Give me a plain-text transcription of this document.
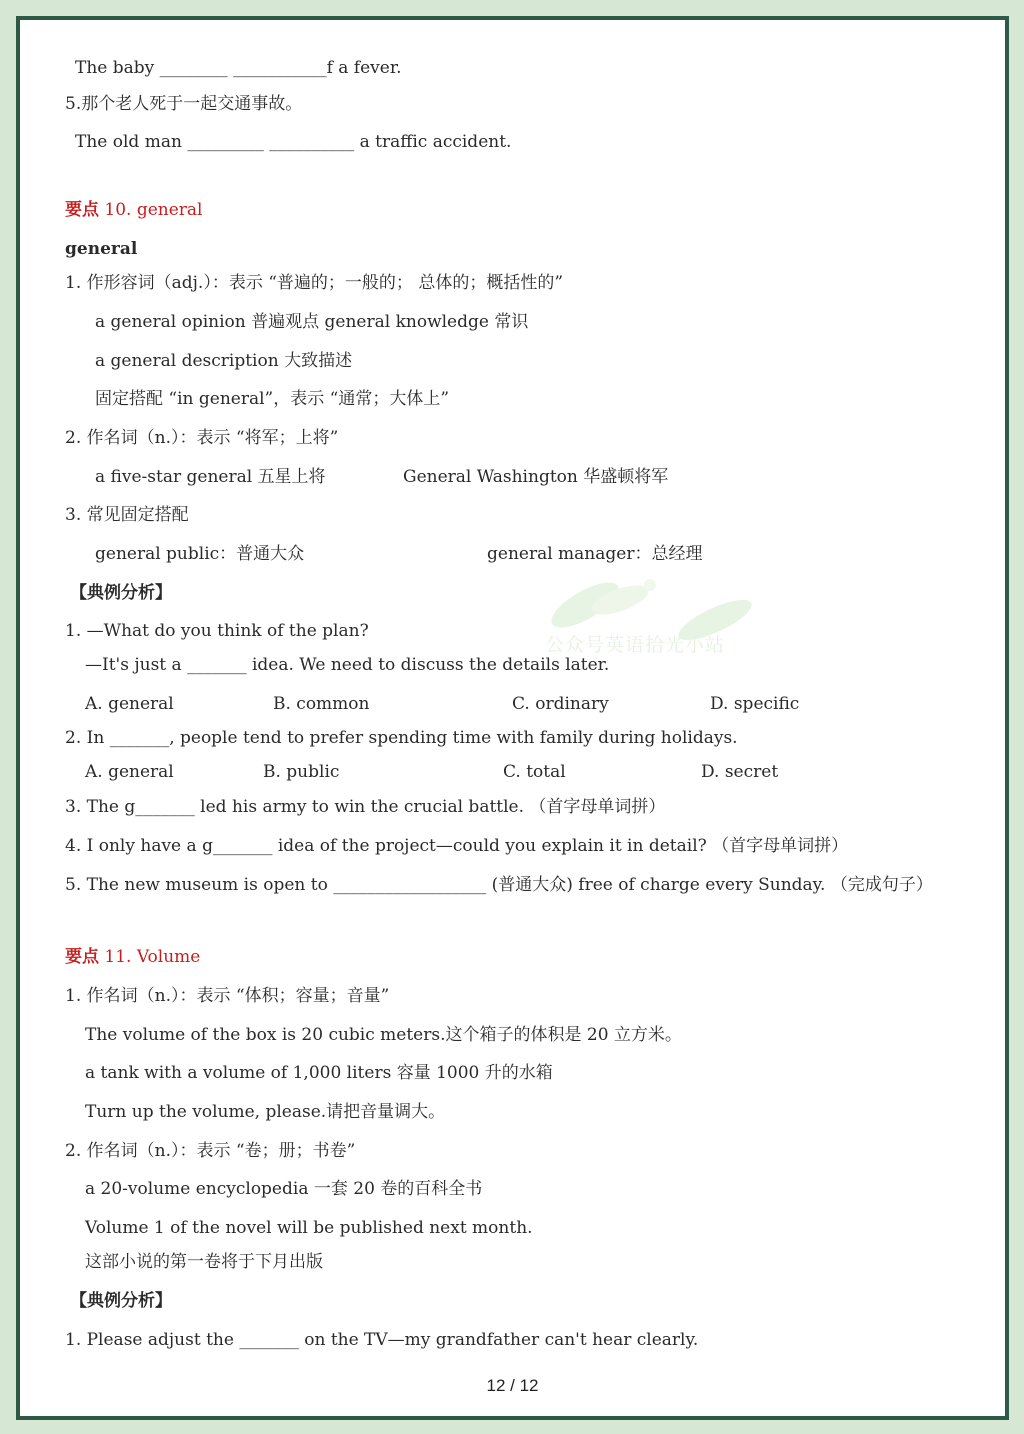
The baby ________ ___________f a fever.
5.那个老人死于一起交通事故。
The old man _________ __________ a traffic accident.
要点 10. general
general
1. 作形容词（adj.）：表示 “普遍的；一般的； 总体的；概括性的”
a general opinion 普遍观点 general knowledge 常识
a general description 大致描述
固定搭配 “in general”，表示 “通常；大体上”
2. 作名词（n.）：表示 “将军；上将”
a five-star general 五星上将	General Washington 华盛顿将军
3. 常见固定搭配
general public：普通大众	general manager：总经理
【典例分析】
1. —What do you think of the plan?
—It's just a _______ idea. We need to discuss the details later.
A. general	B. common	C. ordinary	D. specific
2. In _______, people tend to prefer spending time with family during holidays.
A. general	B. public	C. total	D. secret
3. The g_______ led his army to win the crucial battle. （首字母单词拼）
4. I only have a g_______ idea of the project—could you explain it in detail? （首字母单词拼）
5. The new museum is open to __________________ (普通大众) free of charge every Sunday. （完成句子）
要点 11. Volume
1. 作名词（n.）：表示 “体积；容量；音量”
The volume of the box is 20 cubic meters.这个箱子的体积是 20 立方米。
a tank with a volume of 1,000 liters 容量 1000 升的水箱
Turn up the volume, please.请把音量调大。
2. 作名词（n.）：表示 “卷；册；书卷”
a 20-volume encyclopedia 一套 20 卷的百科全书
Volume 1 of the novel will be published next month.
这部小说的第一卷将于下月出版
【典例分析】
1. Please adjust the _______ on the TV—my grandfather can't hear clearly.
公众号英语拾光小站
12 / 12
